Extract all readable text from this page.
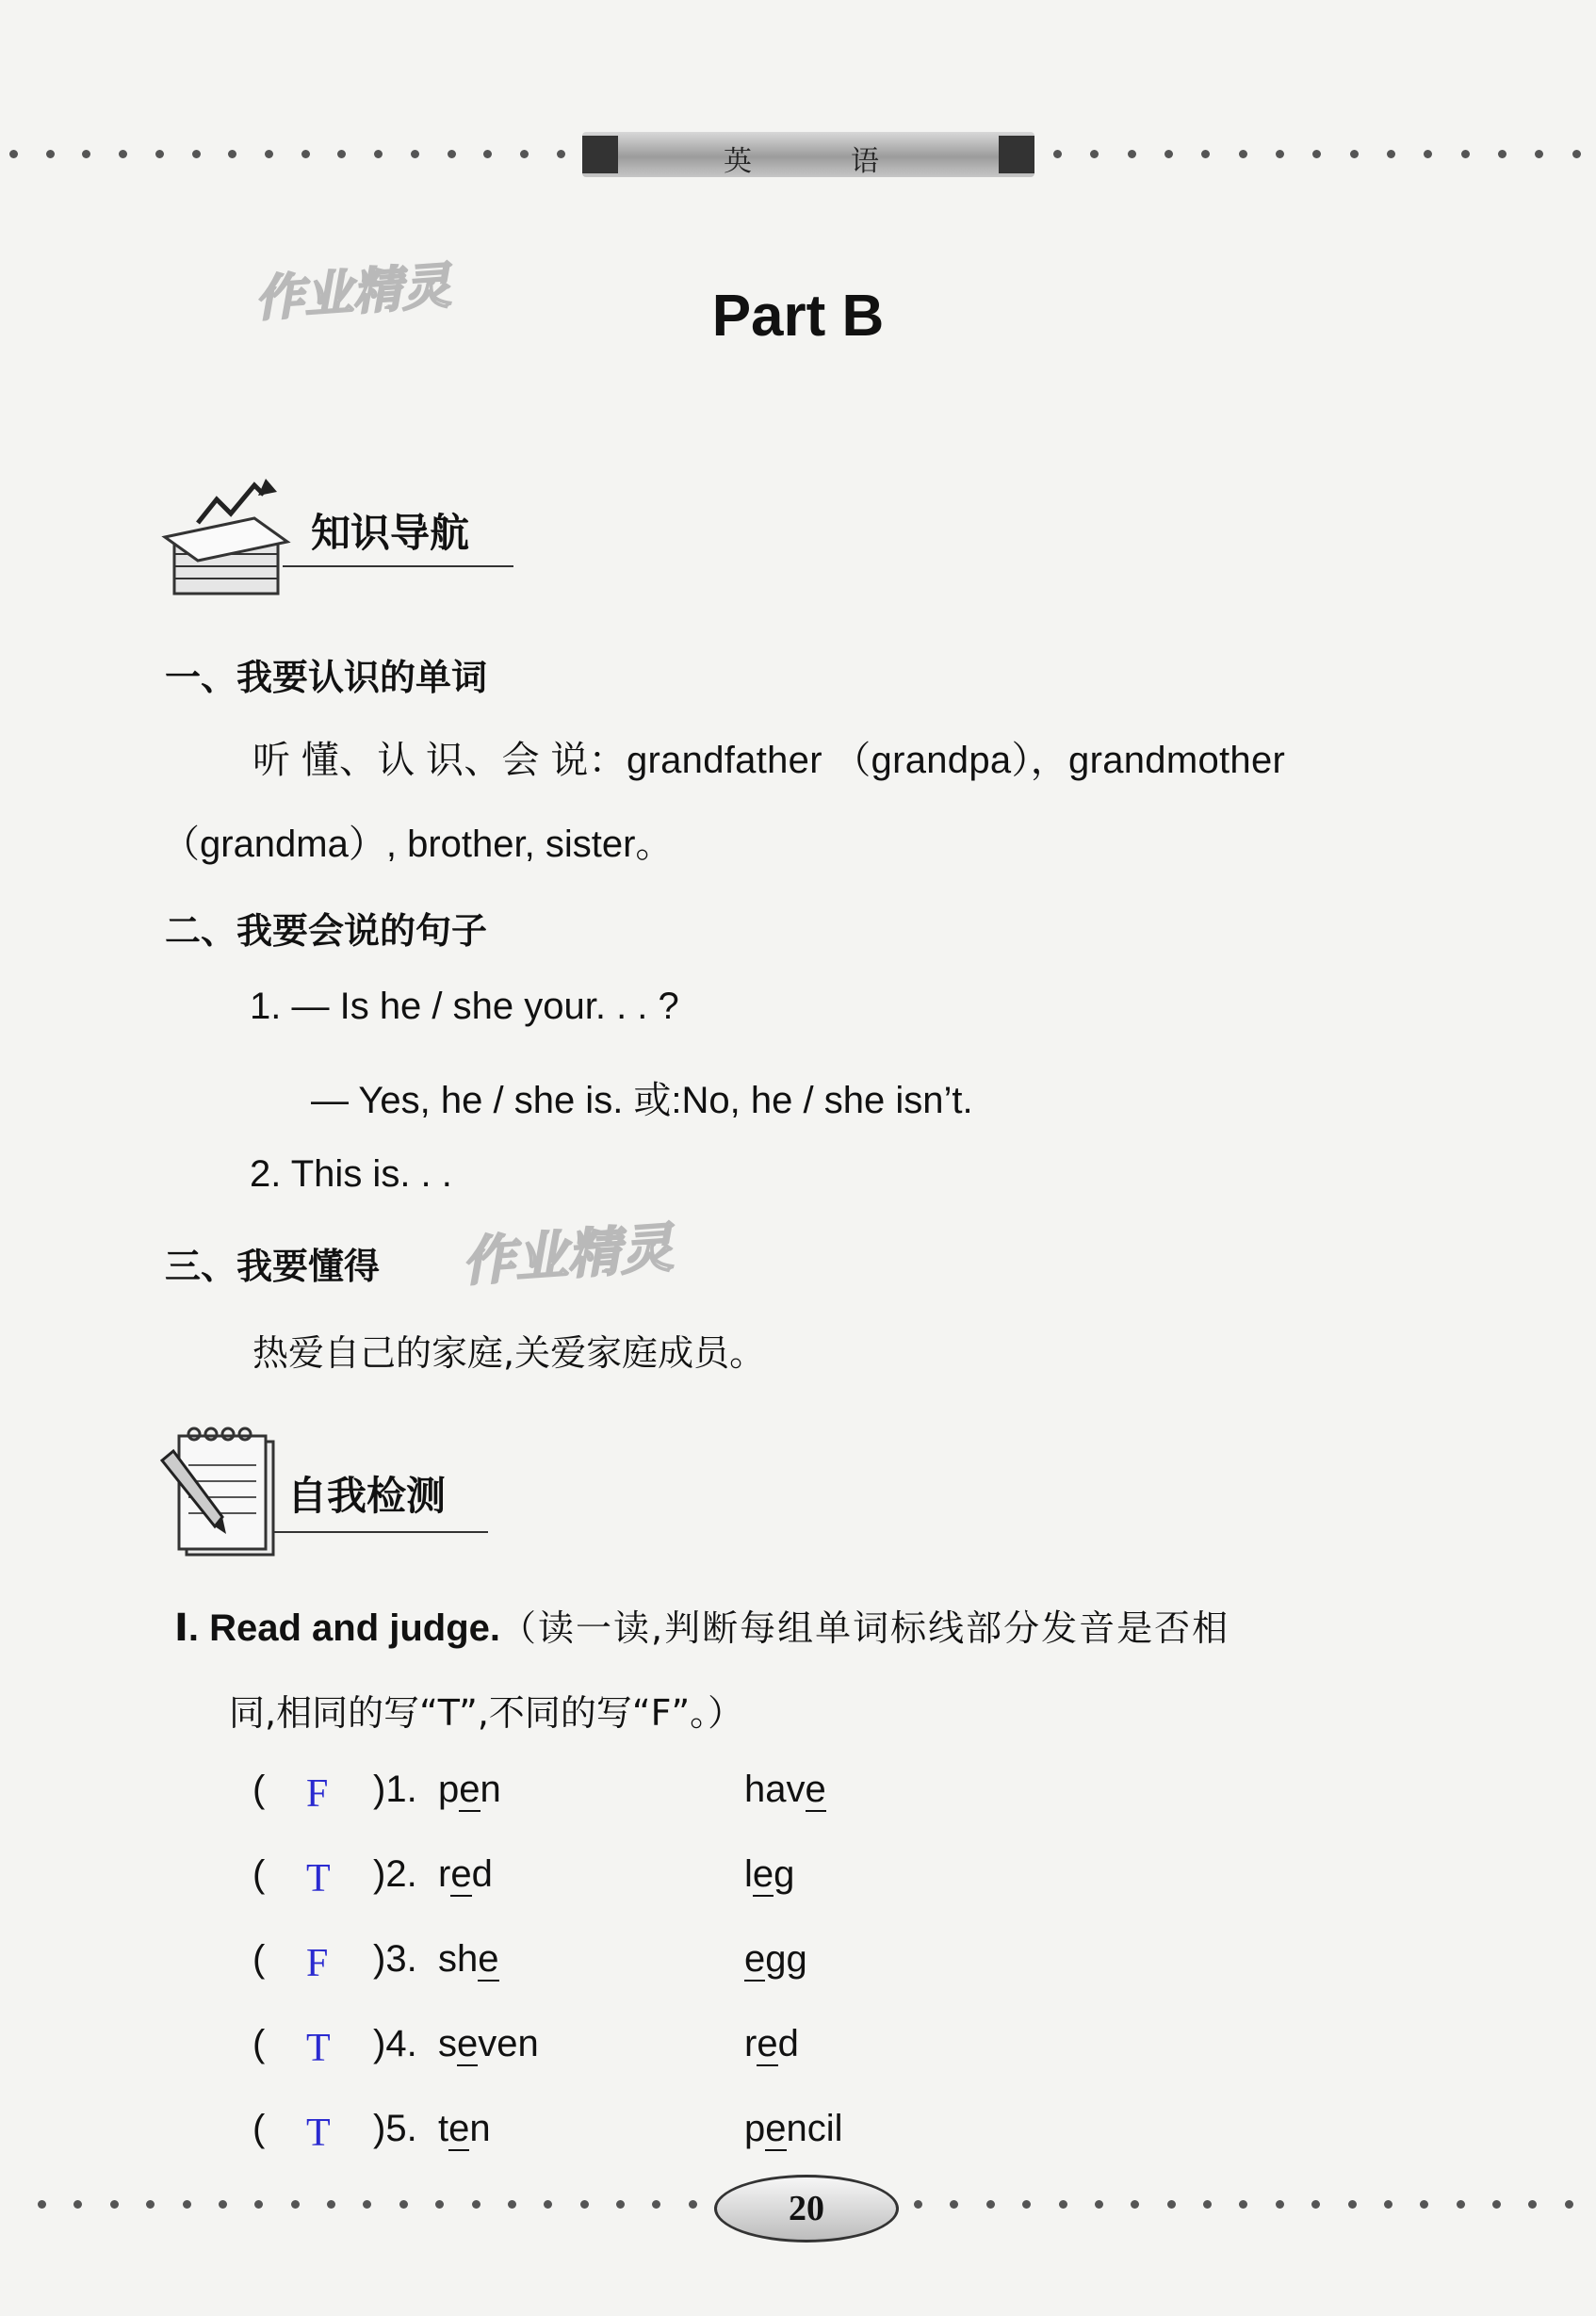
英	语
作业精灵
作业精灵
Part B
知识导航
一、我要认识的单词
听 懂、认 识、会 说：grandfather （grandpa），grandmother
（grandma）, brother, sister。
二、我要会说的句子
1. — Is he / she your. . . ?
— Yes, he / she is. 或:No, he / she isn’t.
2. This is. . .
三、我要懂得
热爱自己的家庭,关爱家庭成员。
自我检测
Ⅰ. Read and judge.（读一读,判断每组单词标线部分发音是否相
同,相同的写“T”,不同的写“F”。）
( F )1. pen	have
( T )2. red	leg
( F )3. she	egg
( T )4. seven	red
( T )5. ten	pencil
20
